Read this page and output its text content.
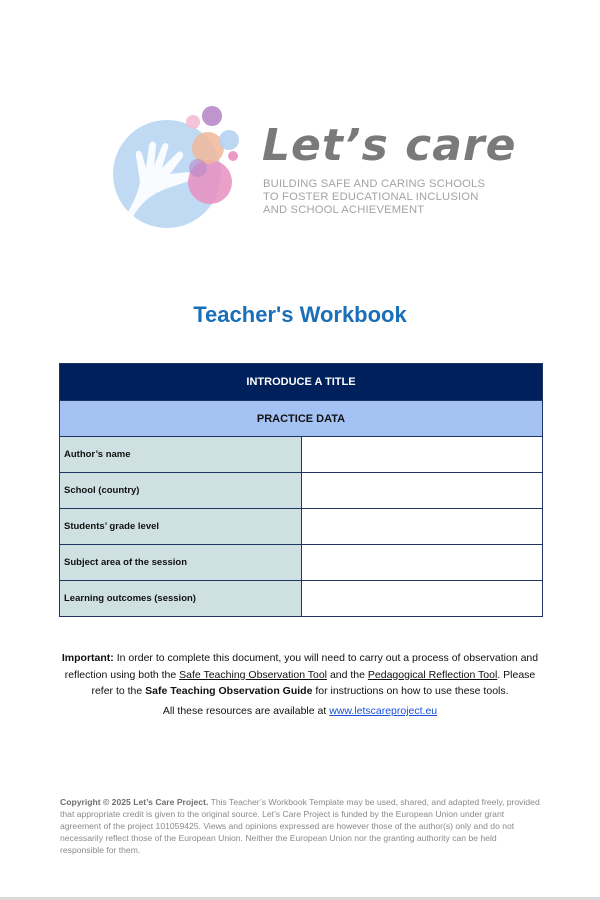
Let’s care
BUILDING SAFE AND CARING SCHOOLS
TO FOSTER EDUCATIONAL INCLUSION
AND SCHOOL ACHIEVEMENT
Teacher's Workbook
INTRODUCE A TITLE	
PRACTICE DATA	
Author’s name	
School (country)	
Students’ grade level	
Subject area of the session	
Learning outcomes (session)	
Important: In order to complete this document, you will need to carry out a process of observation and reflection using both the Safe Teaching Observation Tool and the Pedagogical Reflection Tool. Please refer to the Safe Teaching Observation Guide for instructions on how to use these tools.
All these resources are available at www.letscareproject.eu
Copyright © 2025 Let’s Care Project. This Teacher’s Workbook Template may be used, shared, and adapted freely, provided that appropriate credit is given to the original source. Let’s Care Project is funded by the European Union under grant agreement of the project 101059425. Views and opinions expressed are however those of the author(s) only and do not necessarily reflect those of the European Union. Neither the European Union nor the granting authority can be held responsible for them.
